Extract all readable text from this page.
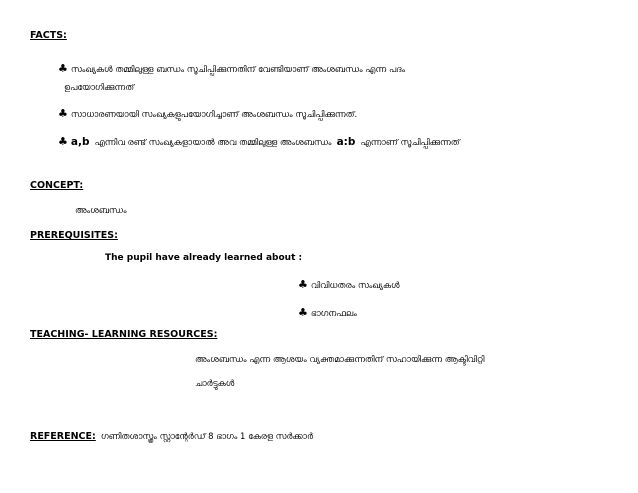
FACTS:
♣ സംഖ്യകൾ തമ്മിലുള്ള ബന്ധം സൂചിപ്പിക്കുന്നതിന് വേണ്ടിയാണ് അംശബന്ധം എന്ന പദം
ഉപയോഗിക്കുന്നത്
♣ സാധാരണയായി സംഖ്യകളുപയോഗിച്ചാണ് അംശബന്ധം സൂചിപ്പിക്കുന്നത്.
♣ a,b എന്നിവ രണ്ട് സംഖ്യകളായാൽ അവ തമ്മിലുള്ള അംശബന്ധം a:b എന്നാണ് സൂചിപ്പിക്കുന്നത്
CONCEPT:
അംശബന്ധം
PREREQUISITES:
The pupil have already learned about :
♣ വിവിധതരം സംഖ്യകൾ
♣ ഭാഗനഫലം
TEACHING- LEARNING RESOURCES:
അംശബന്ധം എന്ന ആശയം വ്യക്തമാക്കുന്നതിന് സഹായിക്കുന്ന ആക്ടിവിറ്റി
ചാർട്ടുകൾ
REFERENCE: ഗണിതശാസ്ത്രം സ്റ്റാന്റേർഡ് 8 ഭാഗം 1 കേരള സർക്കാർ
